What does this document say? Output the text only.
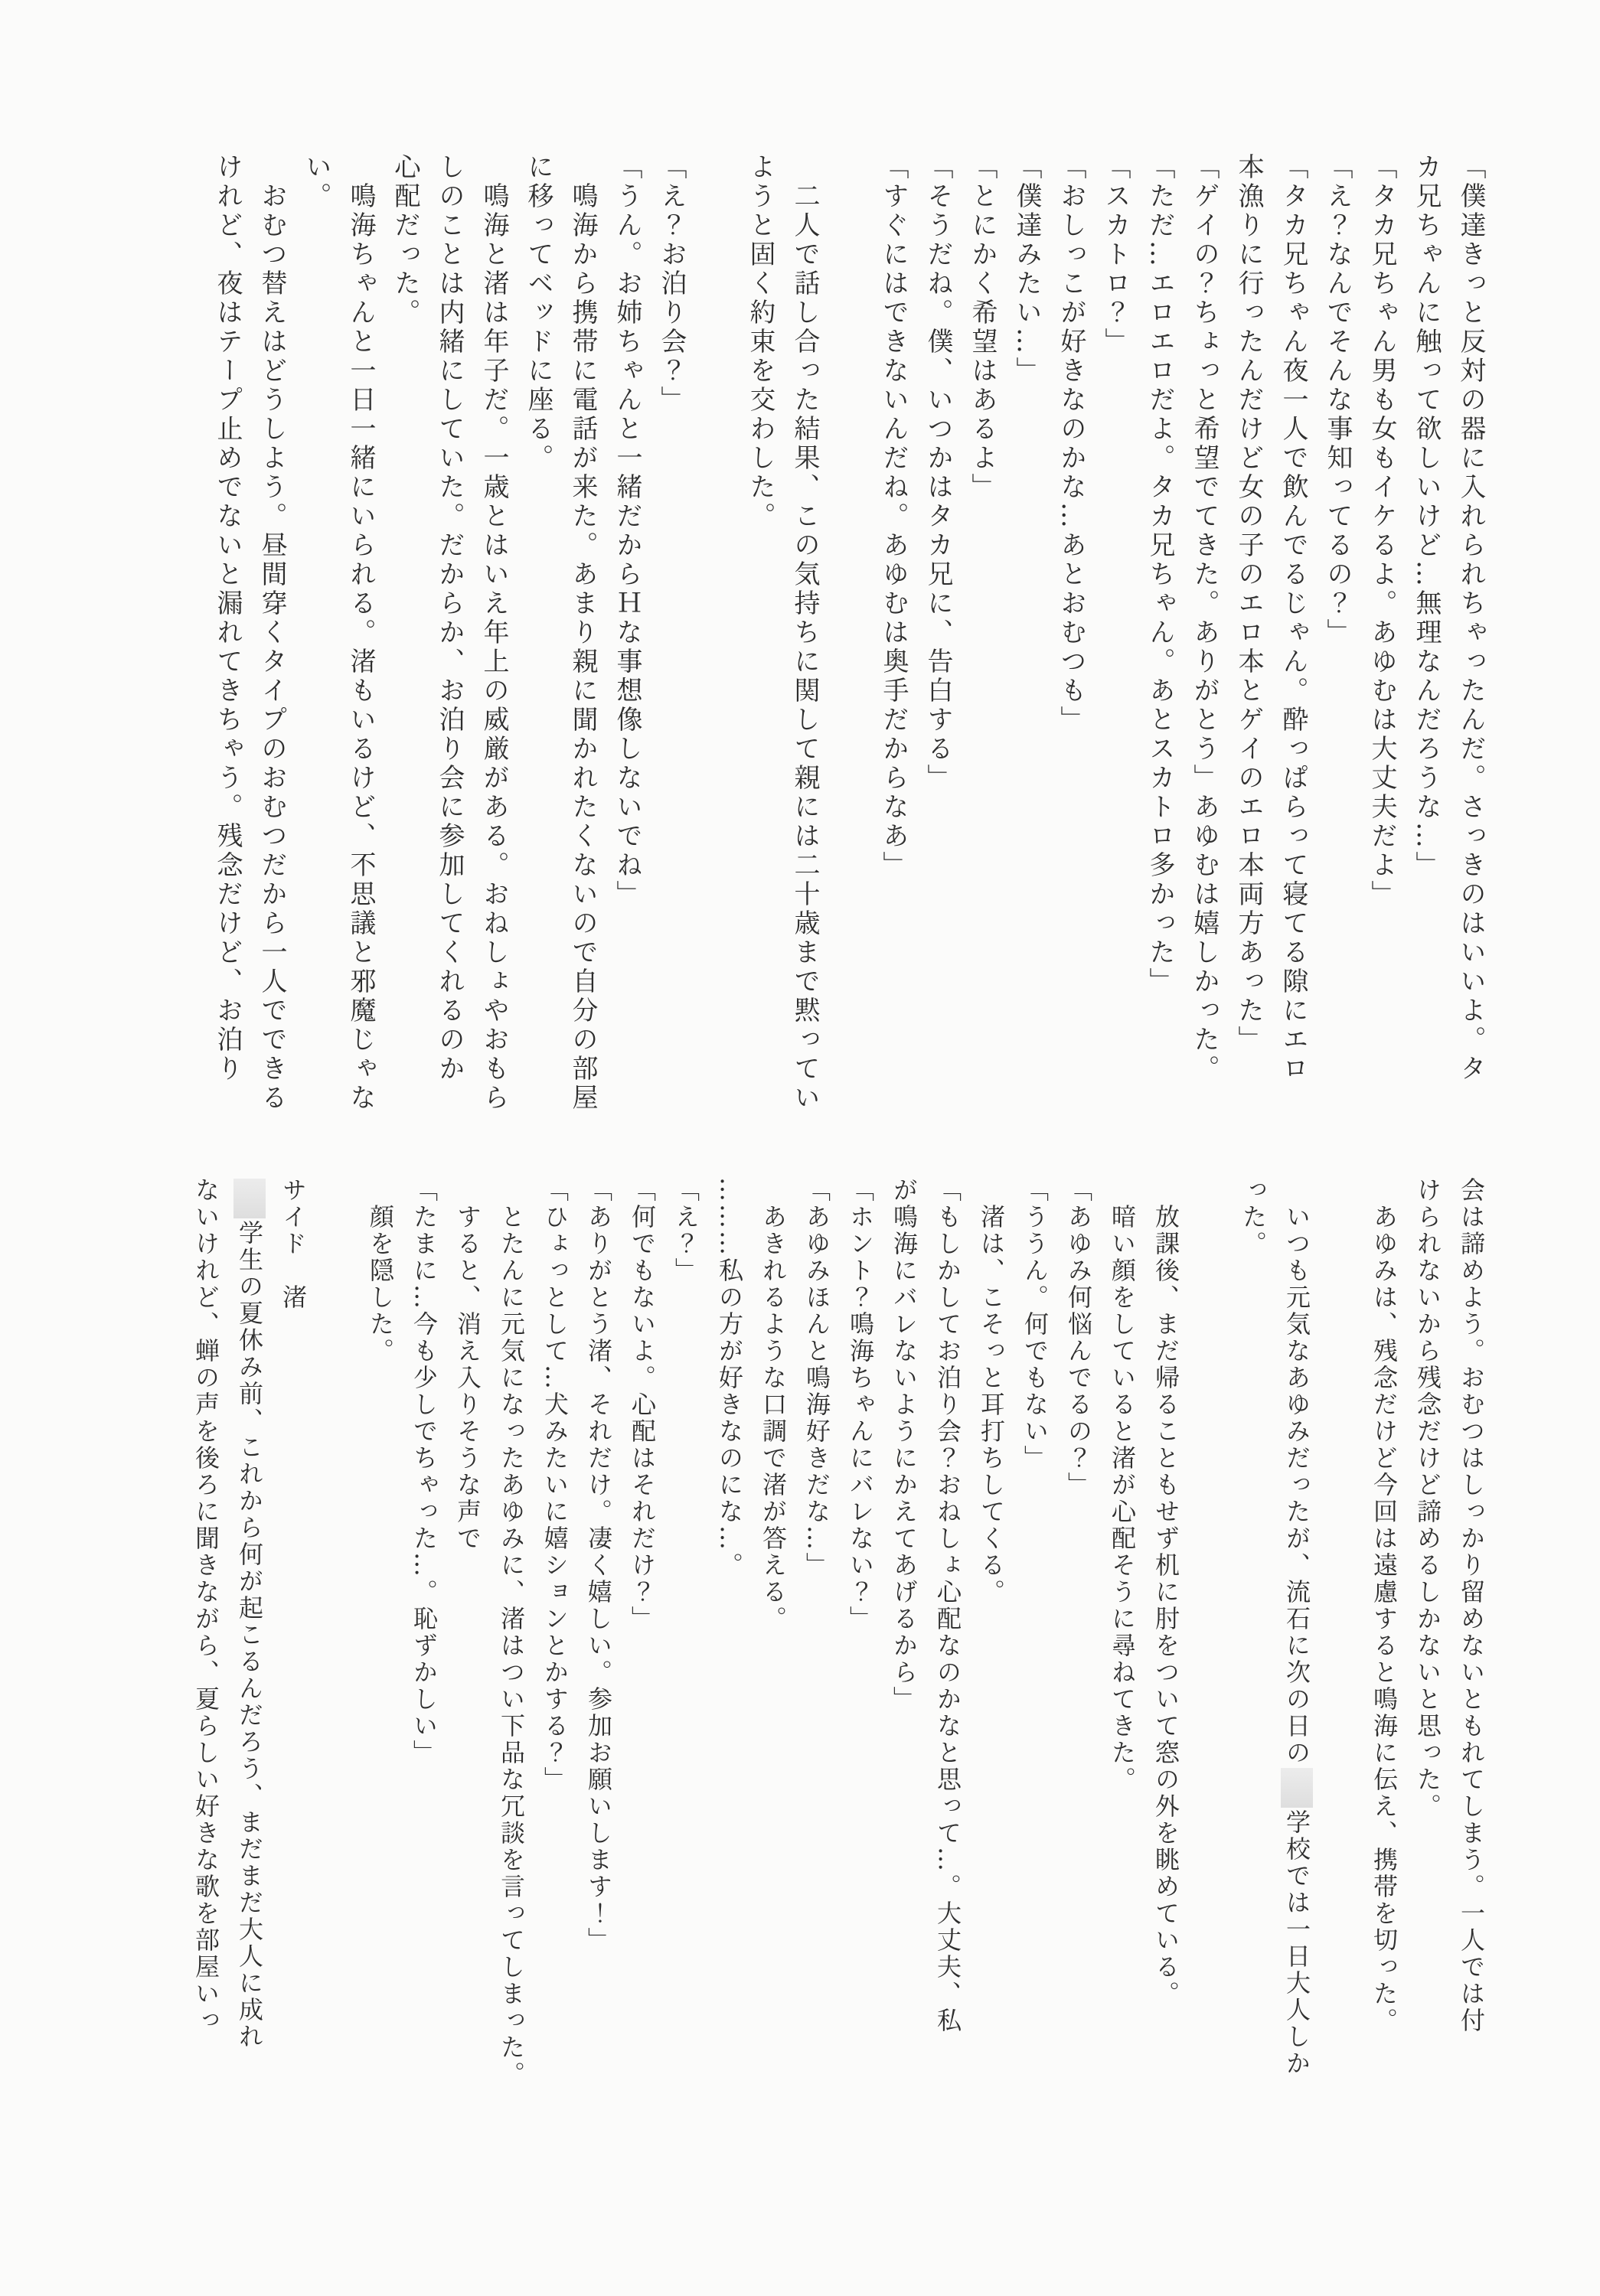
「僕達きっと反対の器に入れられちゃったんだ。さっきのはいいよ。タ

カ兄ちゃんに触って欲しいけど…無理なんだろうな…」

「タカ兄ちゃん男も女もイケるよ。あゆむは大丈夫だよ」

「え？なんでそんな事知ってるの？」

「タカ兄ちゃん夜一人で飲んでるじゃん。酔っぱらって寝てる隙にエロ

本漁りに行ったんだけど女の子のエロ本とゲイのエロ本両方あった」

「ゲイの？ちょっと希望でてきた。ありがとう」あゆむは嬉しかった。

「ただ…エロエロだよ。タカ兄ちゃん。あとスカトロ多かった」

「スカトロ？」

「おしっこが好きなのかな…あとおむつも」

「僕達みたい…」

「とにかく希望はあるよ」

「そうだね。僕、いつかはタカ兄に、告白する」

「すぐにはできないんだね。あゆむは奥手だからなあ」

　二人で話し合った結果、この気持ちに関して親には二十歳まで黙ってい

ようと固く約束を交わした。

「え？お泊り会？」

「うん。お姉ちゃんと一緒だからＨな事想像しないでね」

　鳴海から携帯に電話が来た。あまり親に聞かれたくないので自分の部屋

に移ってベッドに座る。

　鳴海と渚は年子だ。一歳とはいえ年上の威厳がある。おねしょやおもら

しのことは内緒にしていた。だからか、お泊り会に参加してくれるのか

心配だった。

　鳴海ちゃんと一日一緒にいられる。渚もいるけど、不思議と邪魔じゃな

い。

　おむつ替えはどうしよう。昼間穿くタイプのおむつだから一人でできる

けれど、夜はテープ止めでないと漏れてきちゃう。残念だけど、お泊り

会は諦めよう。おむつはしっかり留めないともれてしまう。一人では付

けられないから残念だけど諦めるしかないと思った。

　あゆみは、残念だけど今回は遠慮すると鳴海に伝え、携帯を切った。

　いつも元気なあゆみだったが、流石に次の日の学校では一日大人しか

った。

　放課後、まだ帰ることもせず机に肘をついて窓の外を眺めている。

　暗い顔をしていると渚が心配そうに尋ねてきた。

「あゆみ何悩んでるの？」

「ううん。何でもない」

　渚は、こそっと耳打ちしてくる。

「もしかしてお泊り会？おねしょ心配なのかなと思って…。大丈夫、私

が鳴海にバレないようにかえてあげるから」

「ホント？鳴海ちゃんにバレない？」

「あゆみほんと鳴海好きだな…」

　あきれるような口調で渚が答える。

………私の方が好きなのにな…。

「え？」

「何でもないよ。心配はそれだけ？」

「ありがとう渚、それだけ。凄く嬉しい。参加お願いします！」

「ひょっとして…犬みたいに嬉ションとかする？」

　とたんに元気になったあゆみに、渚はつい下品な冗談を言ってしまった。

　すると、消え入りそうな声で

「たまに…今も少しでちゃった…。恥ずかしい」

　顔を隠した。

サイド　渚

学生の夏休み前、これから何が起こるんだろう、まだまだ大人に成れ

ないけれど、蝉の声を後ろに聞きながら、夏らしい好きな歌を部屋いっ
